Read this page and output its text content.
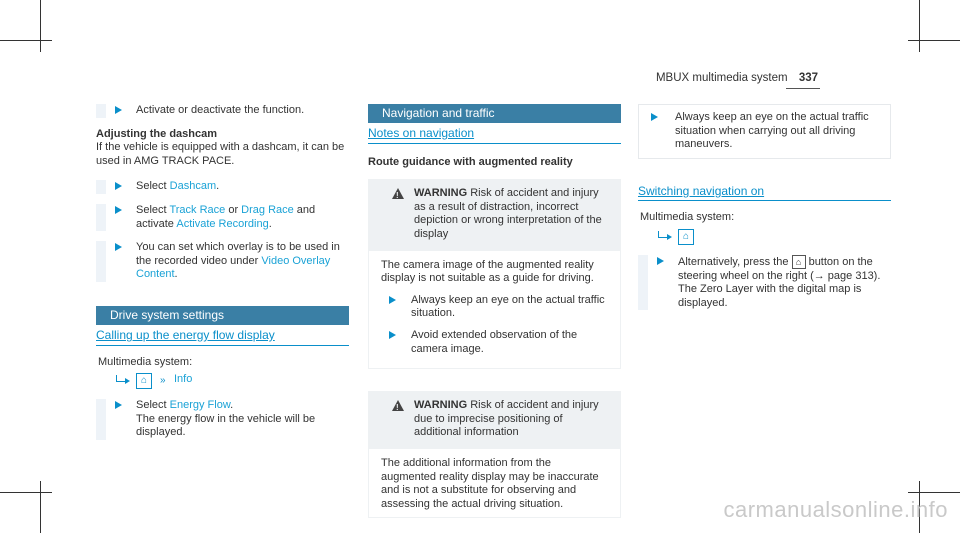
MBUX multimedia system 337
Activate or deactivate the function.
Adjusting the dashcam
If the vehicle is equipped with a dashcam, it can be used in AMG TRACK PACE.
Select Dashcam.
Select Track Race or Drag Race and activate Activate Recording.
You can set which overlay is to be used in the recorded video under Video Overlay Content.
Drive system settings
Calling up the energy flow display
Multimedia system:
⌂	» Info
Select Energy Flow.
The energy flow in the vehicle will be displayed.
Navigation and traffic
Notes on navigation
Route guidance with augmented reality
!
WARNING Risk of accident and injury as a result of distraction, incorrect depiction or wrong interpretation of the display
The camera image of the augmented reality display is not suitable as a guide for driving.
Always keep an eye on the actual traffic situation.
Avoid extended observation of the camera image.
!
WARNING Risk of accident and injury due to imprecise positioning of additional information
The additional information from the augmented reality display may be inaccurate and is not a substitute for observing and assessing the actual driving situation.
Always keep an eye on the actual traffic situation when carrying out all driving maneuvers.
Switching navigation on
Multimedia system:
⌂
Alternatively, press the ⌂ button on the steering wheel on the right (→ page 313).
The Zero Layer with the digital map is displayed.
carmanualsonline.info
